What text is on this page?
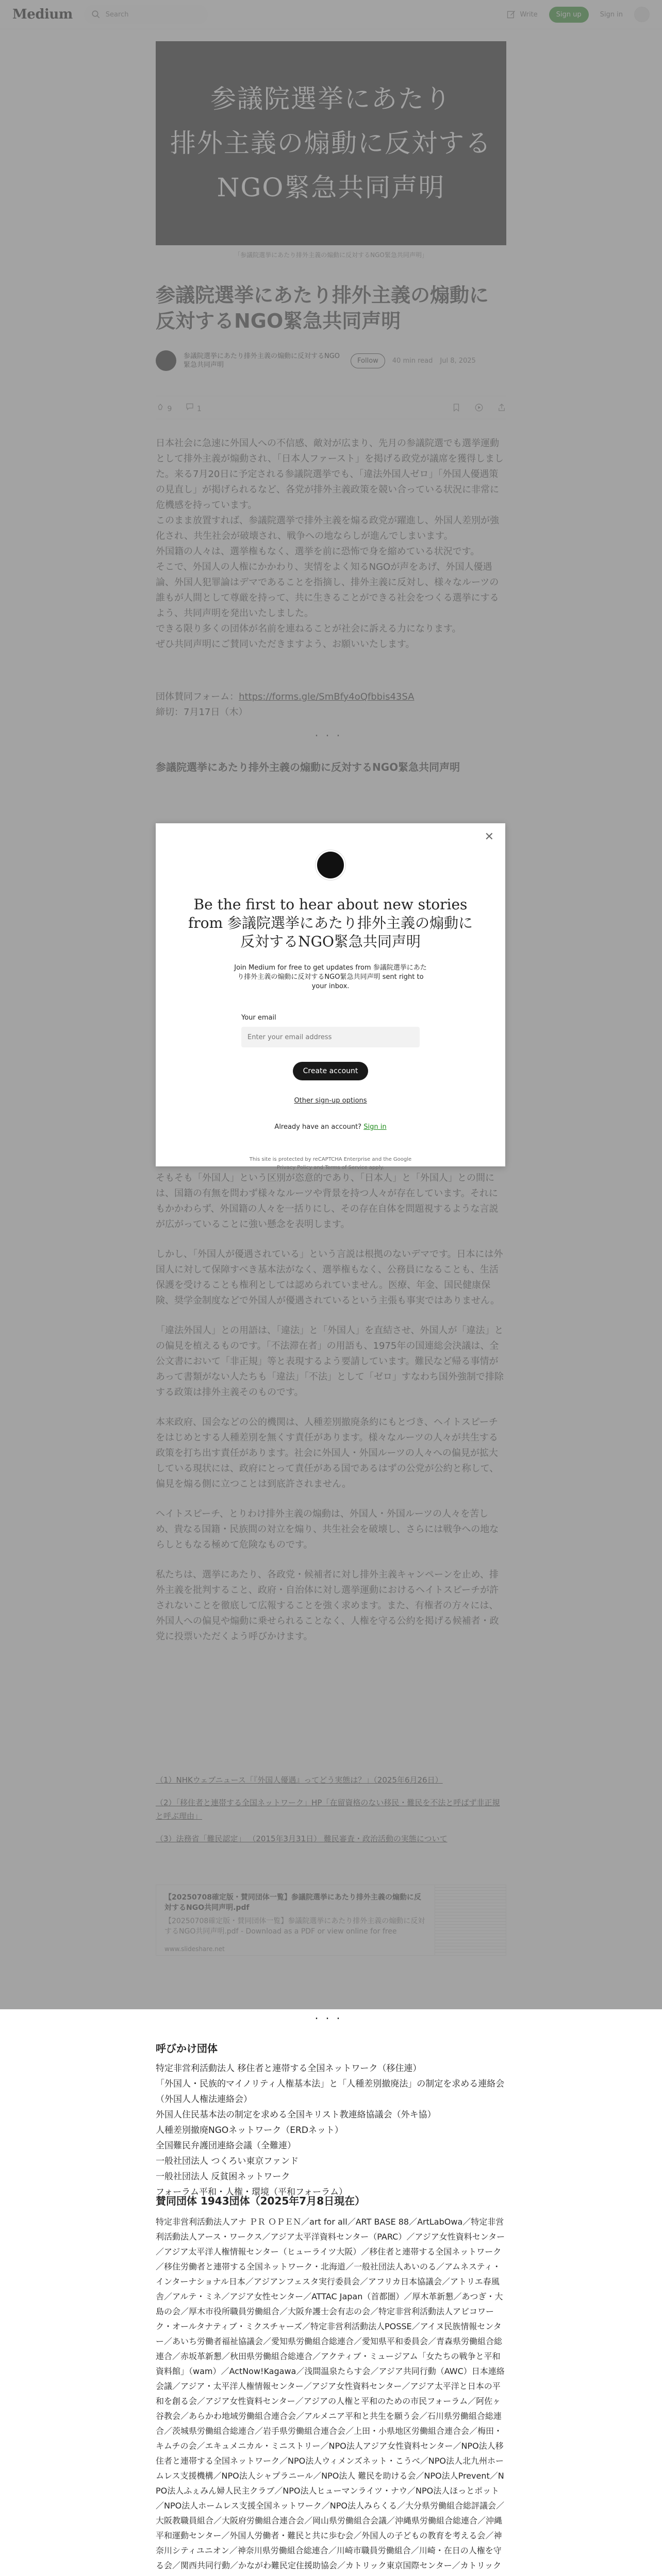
Search

...
呼びかけ団体
特定非営利活動法人 移住者と連帯する全国ネットワーク（移住連）
「外国人・民族的マイノリティ人権基本法」と「人種差別撤廃法」の制定を求める連絡会（外国人人権法連絡会）
外国人住民基本法の制定を求める全国キリスト教連絡協議会（外キ協）
人種差別撤廃NGOネットワーク（ERDネット）
全国難民弁護団連絡会議（全難連）
一般社団法人 つくろい東京ファンド
一般社団法人 反貧困ネットワーク
フォーラム平和・人権・環境（平和フォーラム）
賛同団体 1943団体（2025年7月8日現在）
特定非営利活動法人アナ ＰＲ ＯＰＥＮ／art for all／ART BASE 88／ArtLabOwa／特定非営利活動法人アース・ワークス／アジア太平洋資料センター（PARC）／アジア女性資料センター／アジア太平洋人権情報センター（ヒューライツ大阪）／移住者と連帯する全国ネットワーク／移住労働者と連帯する全国ネットワーク・北海道／一般社団法人あいのる／アムネスティ・インターナショナル日本／アジアンフェスタ実行委員会／アフリカ日本協議会／アトリエ春風舎／アルテ・ミネ／アジア女性センター／ATTAC Japan（首都圏）／厚木革新懇／あつぎ・大島の会／厚木市役所職員労働組合／大阪弁護士会有志の会／特定非営利活動法人アビコワーク・オールタナティブ・ミクスチャーズ／特定非営利活動法人POSSE／アイヌ民族情報センター／あいち労働者福祉協議会／愛知県労働組合総連合／愛知県平和委員会／青森県労働組合総連合／赤坂革新懇／秋田県労働組合総連合／アクティブ・ミュージアム「女たちの戦争と平和資料館」（wam）／ActNow!Kagawa／浅間温泉たらす会／アジア共同行動（AWC）日本連絡会議／アジア・太平洋人権情報センター／アジア女性資料センター／アジア太平洋と日本の平和を創る会／アジア女性資料センター／アジアの人権と平和のための市民フォーラム／阿佐ヶ谷教会／あらかわ地域労働組合連合会／アルメニア平和と共生を願う会／石川県労働組合総連合／茨城県労働組合総連合／岩手県労働組合連合会／上田・小県地区労働組合連合会／梅田・キムチの会／エキュメニカル・ミニストリー／NPO法人アジア女性資料センター／NPO法人移住者と連帯する全国ネットワーク／NPO法人ウィメンズネット・こうべ／NPO法人北九州ホームレス支援機構／NPO法人シャプラニール／NPO法人 難民を助ける会／NPO法人Prevent／NPO法人ふぇみん婦人民主クラブ／NPO法人ヒューマンライツ・ナウ／NPO法人ほっとポット／NPO法人ホームレス支援全国ネットワーク／NPO法人みらくる／大分県労働組合総評議会／大阪教職員組合／大阪府労働組合連合会／岡山県労働組合会議／沖縄県労働組合総連合／沖縄平和運動センター／外国人労働者・難民と共に歩む会／外国人の子どもの教育を考える会／神奈川シティユニオン／神奈川県労働組合総連合／川崎市職員労働組合／川崎・在日の人権を守る会／関西共同行動／かながわ難民定住援助協会／カトリック東京国際センター／カトリック
✕
Be the first to hear about new stories from 参議院選挙にあたり排外主義の煽動に反対するNGO緊急共同声明
Join Medium for free to get updates from 参議院選挙にあたり排外主義の煽動に反対するNGO緊急共同声明 sent right to your inbox.
Your email
Enter your email address
Create account
Other sign-up options
Already have an account? Sign in
This site is protected by reCAPTCHA Enterprise and the Google Privacy Policy and Terms of Service apply.
